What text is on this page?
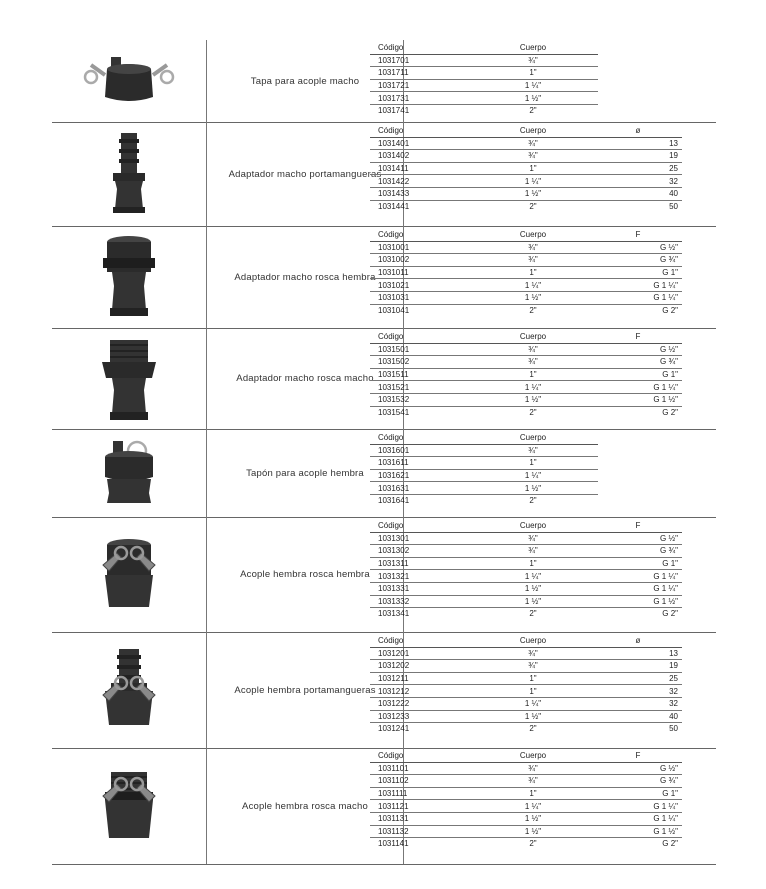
Tapa para acople macho
Código	Cuerpo
1031701	¾"
1031711	1"
1031721	1 ¼"
1031731	1 ½"
1031741	2"
Adaptador macho portamangueras
Código	Cuerpo	ø
1031401	¾"	13
1031402	¾"	19
1031411	1"	25
1031422	1 ¼"	32
1031433	1 ½"	40
1031441	2"	50
Adaptador macho rosca hembra
Código	Cuerpo	F
1031001	¾"	G ½"
1031002	¾"	G ¾"
1031011	1"	G 1"
1031021	1 ¼"	G 1 ¼"
1031031	1 ½"	G 1 ¼"
1031041	2"	G 2"
Adaptador macho rosca macho
Código	Cuerpo	F
1031501	¾"	G ½"
1031502	¾"	G ¾"
1031511	1"	G 1"
1031521	1 ¼"	G 1 ¼"
1031532	1 ½"	G 1 ½"
1031541	2"	G 2"
Tapón para acople hembra
Código	Cuerpo
1031601	¾"
1031611	1"
1031621	1 ¼"
1031631	1 ½"
1031641	2"
Acople hembra rosca hembra
Código	Cuerpo	F
1031301	¾"	G ½"
1031302	¾"	G ¾"
1031311	1"	G 1"
1031321	1 ¼"	G 1 ¼"
1031331	1 ½"	G 1 ¼"
1031332	1 ½"	G 1 ½"
1031341	2"	G 2"
Acople hembra portamangueras
Código	Cuerpo	ø
1031201	¾"	13
1031202	¾"	19
1031211	1"	25
1031212	1"	32
1031222	1 ¼"	32
1031233	1 ½"	40
1031241	2"	50
Acople hembra rosca macho
Código	Cuerpo	F
1031101	¾"	G ½"
1031102	¾"	G ¾"
1031111	1"	G 1"
1031121	1 ¼"	G 1 ¼"
1031131	1 ½"	G 1 ¼"
1031132	1 ½"	G 1 ½"
1031141	2"	G 2"
